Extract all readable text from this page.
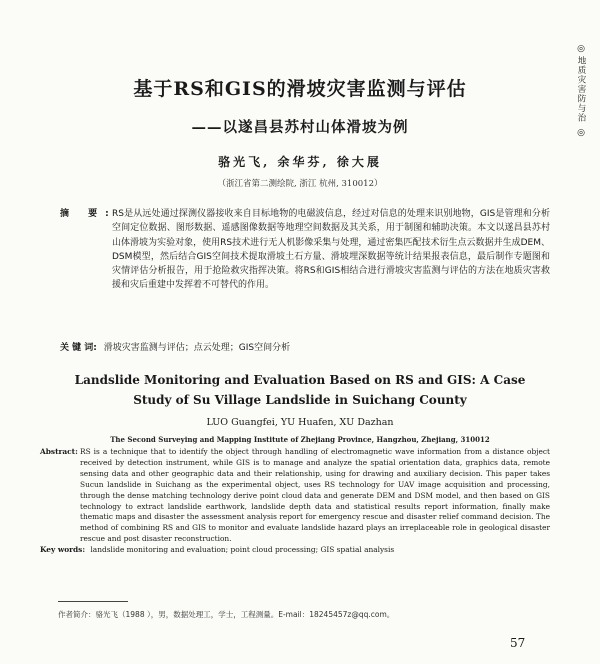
◎
地质灾害防与治
◎
基于RS和GIS的滑坡灾害监测与评估
——以遂昌县苏村山体滑坡为例
骆光飞, 余华芬, 徐大展
（浙江省第二测绘院, 浙江 杭州, 310012）
摘 要:
RS是从远处通过探测仪器接收来自目标地物的电磁波信息，经过对信息的处理来识别地物，GIS是管理和分析空间定位数据、图形数据、遥感图像数据等地理空间数据及其关系，用于制图和辅助决策。本文以遂昌县苏村山体滑坡为实验对象，使用RS技术进行无人机影像采集与处理，通过密集匹配技术衍生点云数据并生成DEM、DSM模型，然后结合GIS空间技术提取滑坡土石方量、滑坡埋深数据等统计结果报表信息，最后制作专题图和灾情评估分析报告，用于抢险救灾指挥决策。将RS和GIS相结合进行滑坡灾害监测与评估的方法在地质灾害救援和灾后重建中发挥着不可替代的作用。
关 键 词: 滑坡灾害监测与评估；点云处理；GIS空间分析
Landslide Monitoring and Evaluation Based on RS and GIS: A Case Study of Su Village Landslide in Suichang County
LUO Guangfei, YU Huafen, XU Dazhan
The Second Surveying and Mapping Institute of Zhejiang Province, Hangzhou, Zhejiang, 310012
Abstract: RS is a technique that to identify the object through handling of electromagnetic wave information from a distance object received by detection instrument, while GIS is to manage and analyze the spatial orientation data, graphics data, remote sensing data and other geographic data and their relationship, using for drawing and auxiliary decision. This paper takes Sucun landslide in Suichang as the experimental object, uses RS technology for UAV image acquisition and processing, through the dense matching technology derive point cloud data and generate DEM and DSM model, and then based on GIS technology to extract landslide earthwork, landslide depth data and statistical results report information, finally make thematic maps and disaster the assessment analysis report for emergency rescue and disaster relief command decision. The method of combining RS and GIS to monitor and evaluate landslide hazard plays an irreplaceable role in geological disaster rescue and post disaster reconstruction.
Key words: landslide monitoring and evaluation; point cloud processing; GIS spatial analysis
作者简介：骆光飞（1988 ），男，数据处理工，学士，工程测量。E-mail：18245457z@qq.com。
57
